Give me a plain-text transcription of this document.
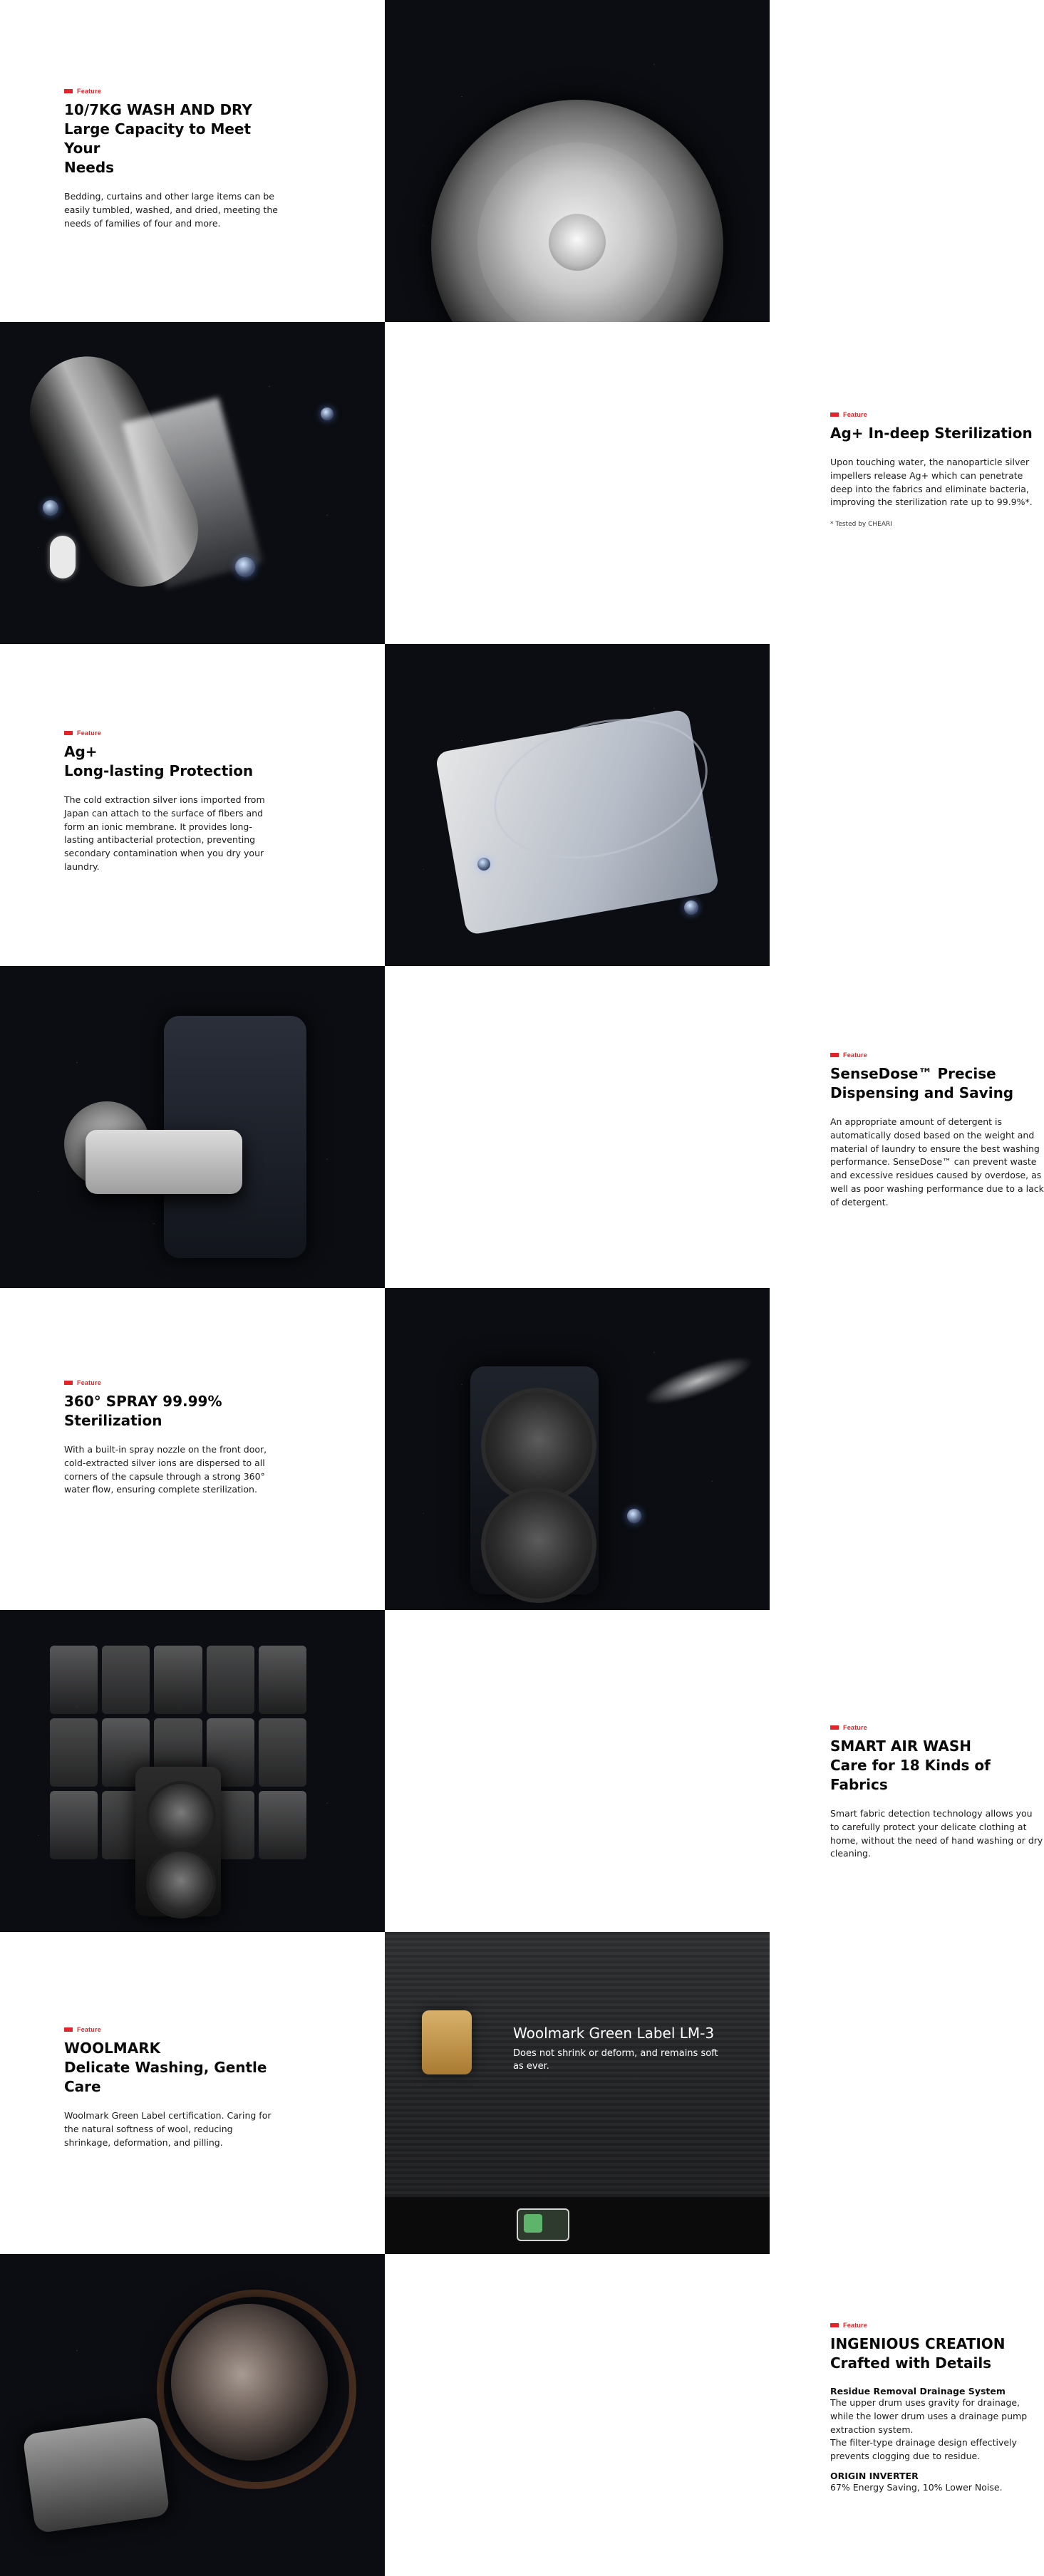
Feature
10/7KG WASH AND DRY
Large Capacity to Meet Your
Needs

Bedding, curtains and other large items can be easily tumbled, washed, and dried, meeting the needs of families of four and more.

Feature
Ag+ In-deep Sterilization

Upon touching water, the nanoparticle silver impellers release Ag+ which can penetrate deep into the fabrics and eliminate bacteria, improving the sterilization rate up to 99.9%*.

* Tested by CHEARI
Feature
Ag+
Long-lasting Protection

The cold extraction silver ions imported from Japan can attach to the surface of fibers and form an ionic membrane. It provides long-lasting antibacterial protection, preventing secondary contamination when you dry your laundry.

Feature
SenseDose™ Precise
Dispensing and Saving

An appropriate amount of detergent is automatically dosed based on the weight and material of laundry to ensure the best washing performance. SenseDose™ can prevent waste and excessive residues caused by overdose, as well as poor washing performance due to a lack of detergent.

Feature
360° SPRAY 99.99%
Sterilization

With a built-in spray nozzle on the front door, cold-extracted silver ions are dispersed to all corners of the capsule through a strong 360° water flow, ensuring complete sterilization.

Feature
SMART AIR WASH
Care for 18 Kinds of Fabrics

Smart fabric detection technology allows you to carefully protect your delicate clothing at home, without the need of hand washing or dry cleaning.

Feature
WOOLMARK
Delicate Washing, Gentle
Care

Woolmark Green Label certification. Caring for the natural softness of wool, reducing shrinkage, deformation, and pilling.

Woolmark Green Label LM-3
Does not shrink or deform, and remains soft as ever.
Feature
INGENIOUS CREATION
Crafted with Details
Residue Removal Drainage System

The upper drum uses gravity for drainage, while the lower drum uses a drainage pump extraction system.

The filter-type drainage design effectively prevents clogging due to residue.

ORIGIN INVERTER

67% Energy Saving, 10% Lower Noise.
